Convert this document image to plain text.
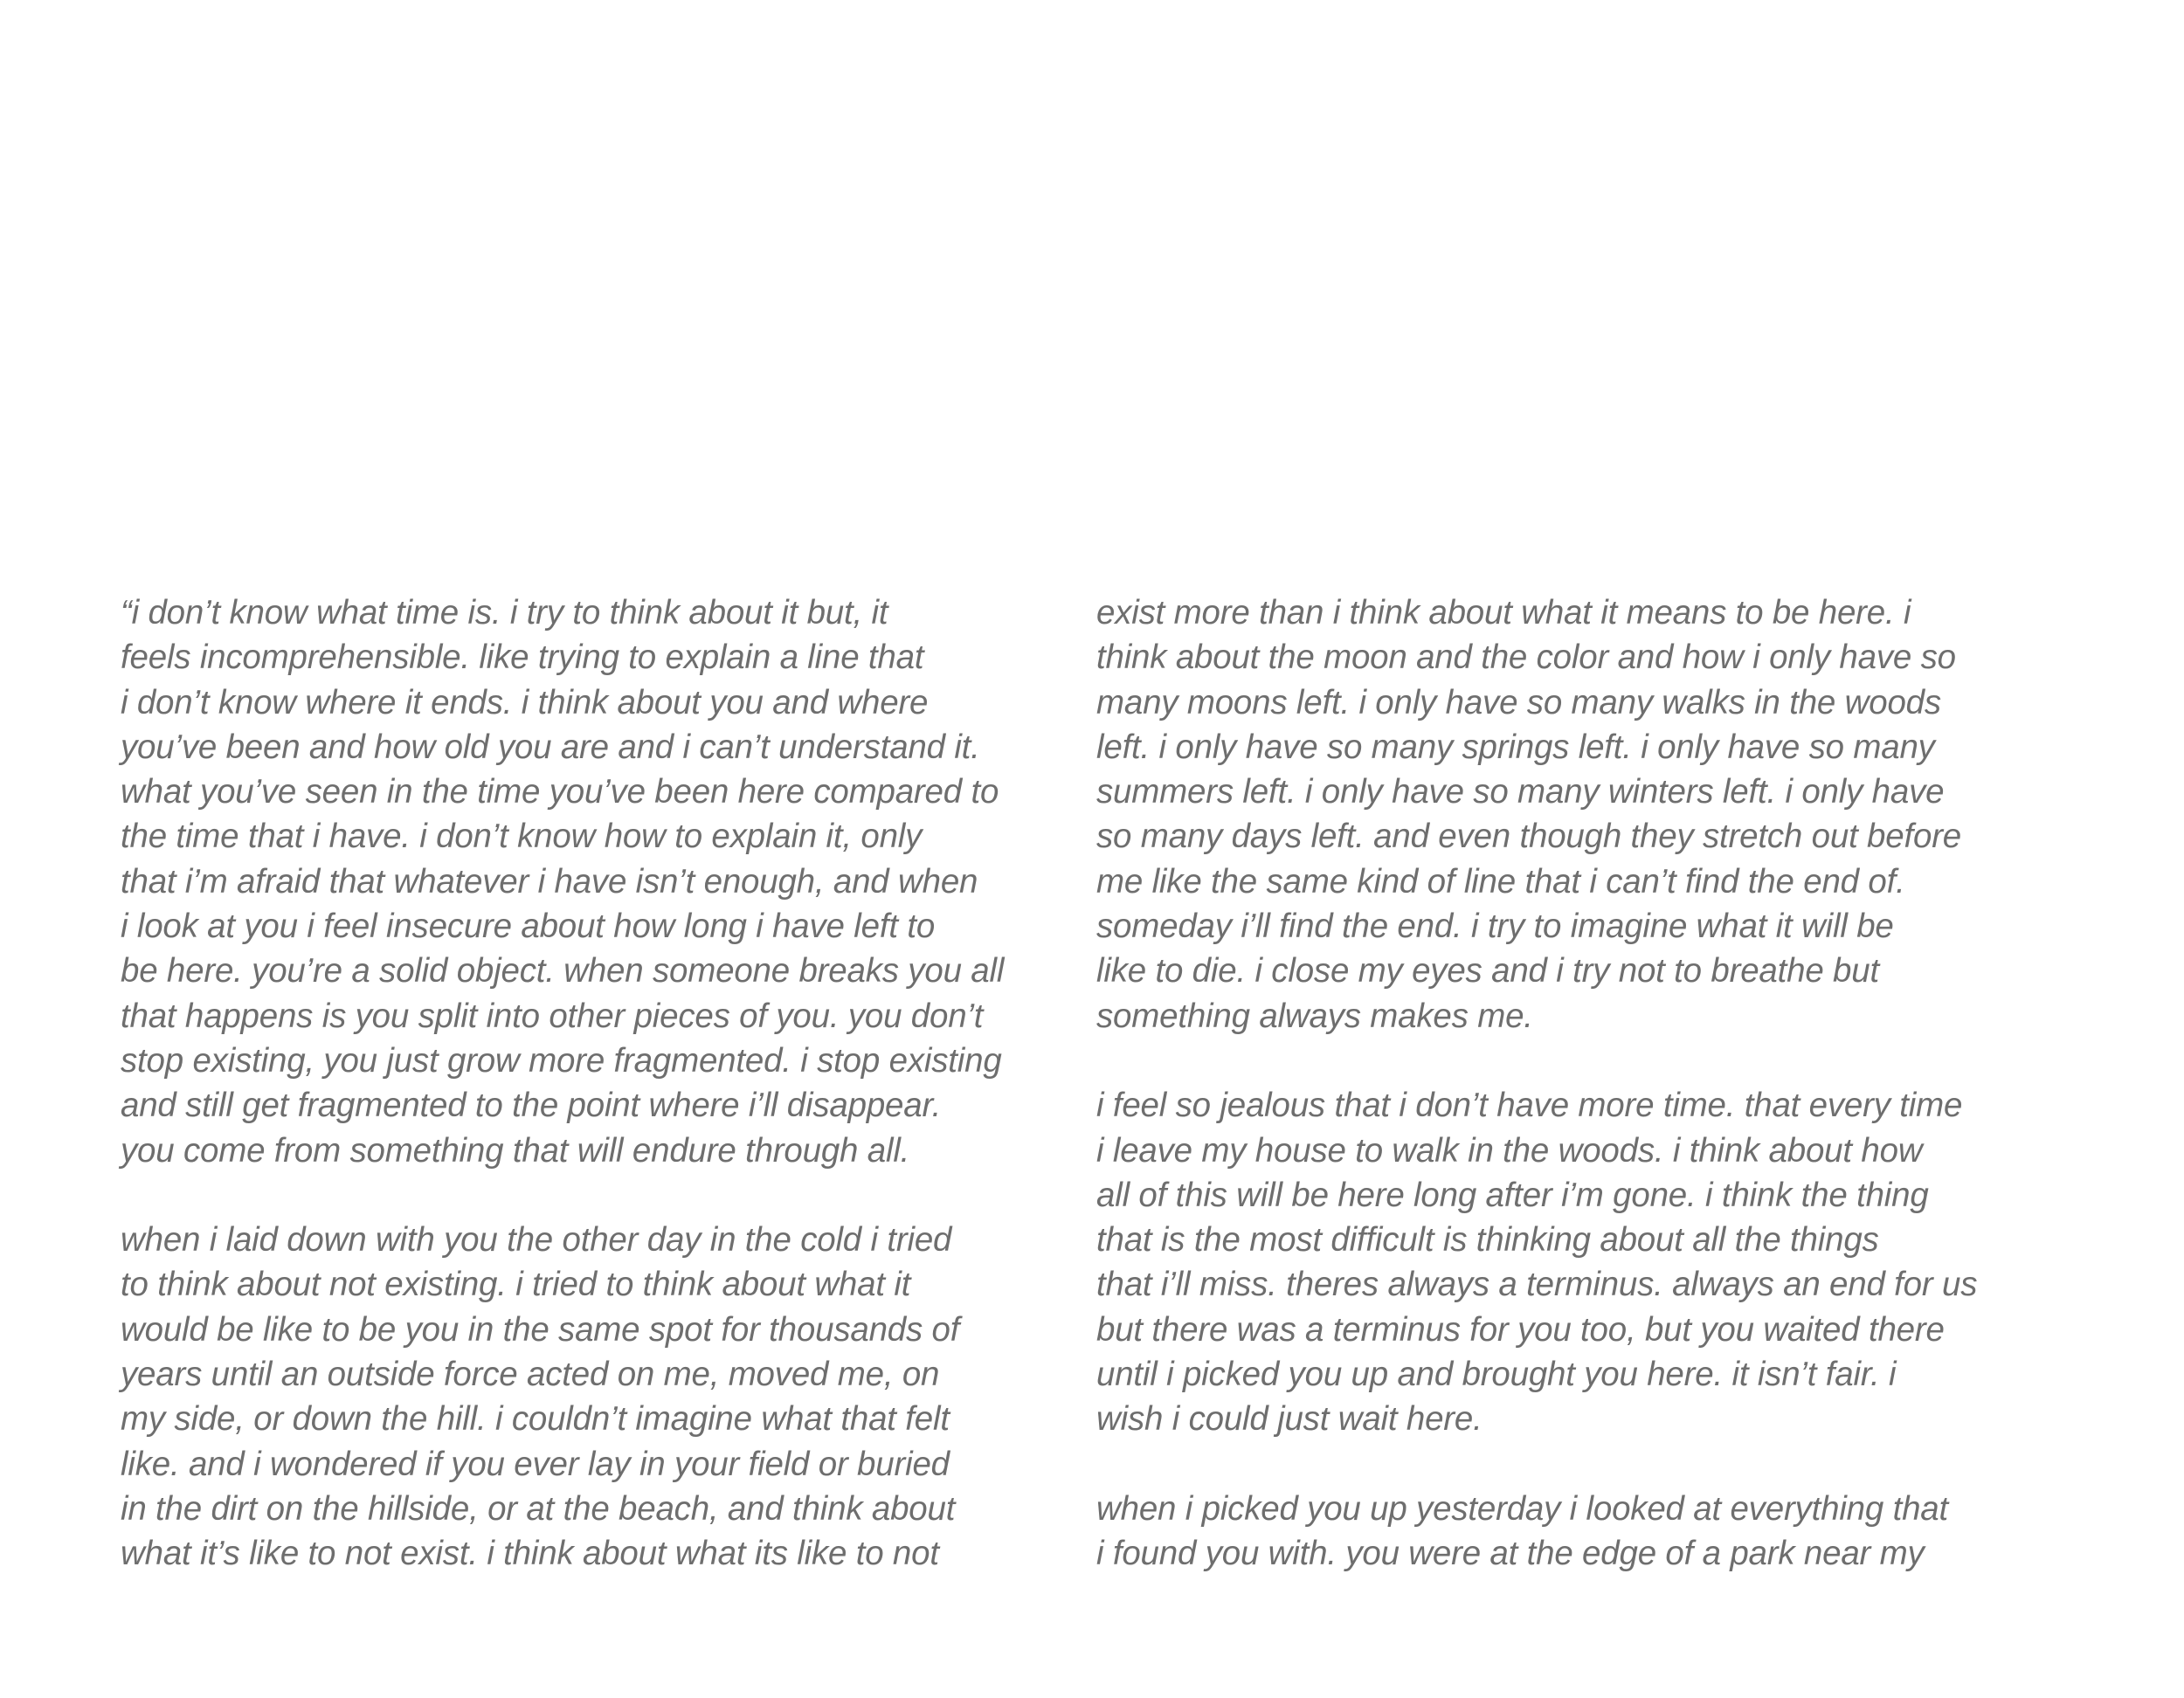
“i don’t know what time is. i try to think about it but, it
feels incomprehensible. like trying to explain a line that
i don’t know where it ends. i think about you and where
you’ve been and how old you are and i can’t understand it.
what you’ve seen in the time you’ve been here compared to
the time that i have. i don’t know how to explain it, only
that i’m afraid that whatever i have isn’t enough, and when
i look at you i feel insecure about how long i have left to
be here. you’re a solid object. when someone breaks you all
that happens is you split into other pieces of you. you don’t
stop existing, you just grow more fragmented. i stop existing
and still get fragmented to the point where i’ll disappear.
you come from something that will endure through all.
when i laid down with you the other day in the cold i tried
to think about not existing. i tried to think about what it
would be like to be you in the same spot for thousands of
years until an outside force acted on me, moved me, on
my side, or down the hill. i couldn’t imagine what that felt
like. and i wondered if you ever lay in your field or buried
in the dirt on the hillside, or at the beach, and think about
what it’s like to not exist. i think about what its like to not
exist more than i think about what it means to be here. i
think about the moon and the color and how i only have so
many moons left. i only have so many walks in the woods
left. i only have so many springs left. i only have so many
summers left. i only have so many winters left. i only have
so many days left. and even though they stretch out before
me like the same kind of line that i can’t find the end of.
someday i’ll find the end. i try to imagine what it will be
like to die. i close my eyes and i try not to breathe but
something always makes me.
i feel so jealous that i don’t have more time. that every time
i leave my house to walk in the woods. i think about how
all of this will be here long after i’m gone. i think the thing
that is the most difficult is thinking about all the things
that i’ll miss. theres always a terminus. always an end for us
but there was a terminus for you too, but you waited there
until i picked you up and brought you here. it isn’t fair. i
wish i could just wait here.
when i picked you up yesterday i looked at everything that
i found you with. you were at the edge of a park near my
